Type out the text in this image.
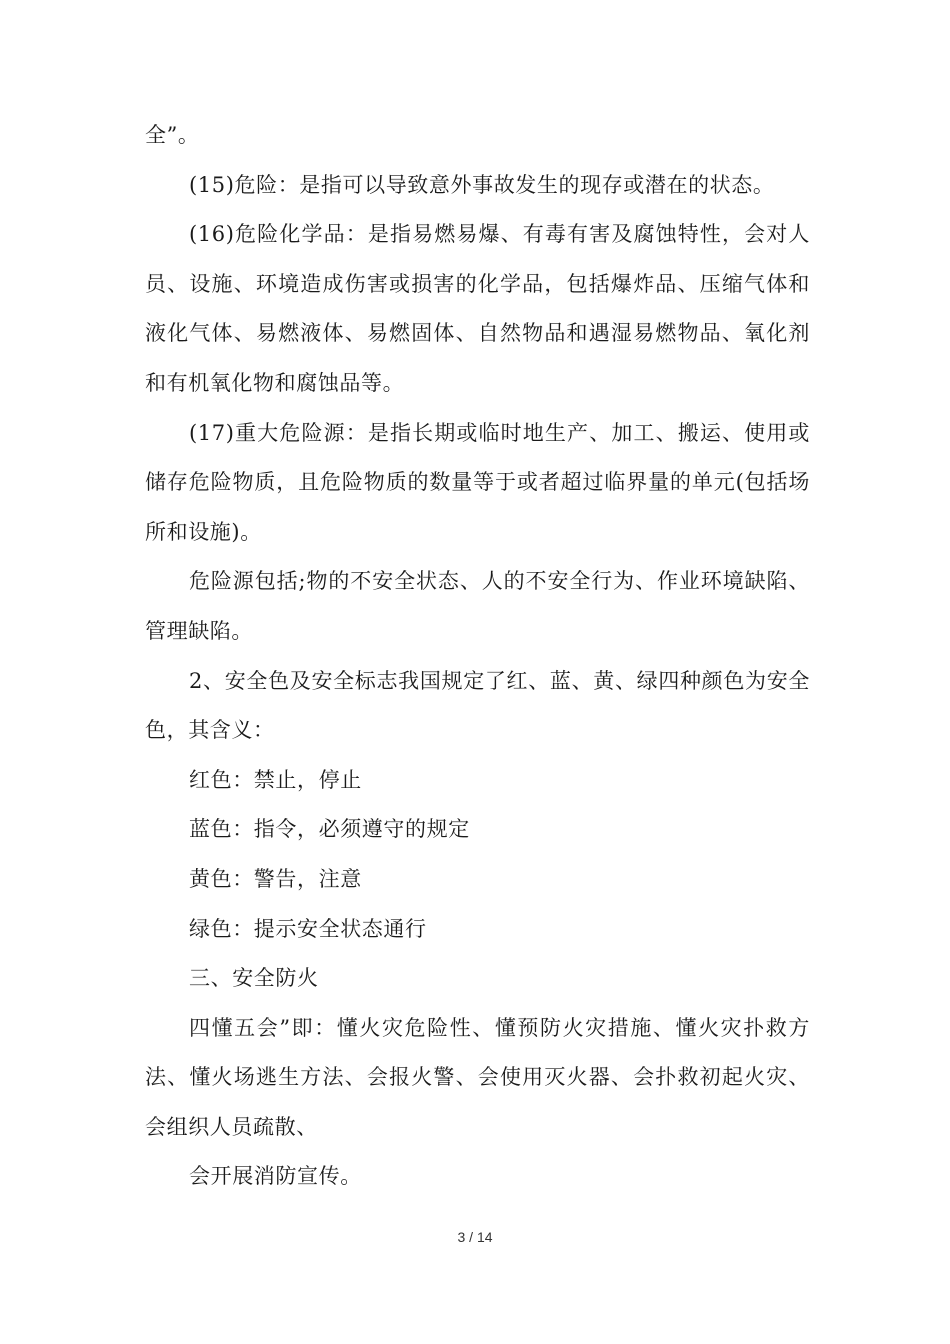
全”。

(15)危险：是指可以导致意外事故发生的现存或潜在的状态。

(16)危险化学品：是指易燃易爆、有毒有害及腐蚀特性，会对人员、设施、环境造成伤害或损害的化学品，包括爆炸品、压缩气体和液化气体、易燃液体、易燃固体、自然物品和遇湿易燃物品、氧化剂和有机氧化物和腐蚀品等。

(17)重大危险源：是指长期或临时地生产、加工、搬运、使用或储存危险物质，且危险物质的数量等于或者超过临界量的单元(包括场所和设施)。

危险源包括;物的不安全状态、人的不安全行为、作业环境缺陷、管理缺陷。

2、安全色及安全标志我国规定了红、蓝、黄、绿四种颜色为安全色，其含义：

红色：禁止，停止

蓝色：指令，必须遵守的规定

黄色：警告，注意

绿色：提示安全状态通行

三、安全防火

四懂五会”即：懂火灾危险性、懂预防火灾措施、懂火灾扑救方法、懂火场逃生方法、会报火警、会使用灭火器、会扑救初起火灾、会组织人员疏散、

会开展消防宣传。

3 / 14
